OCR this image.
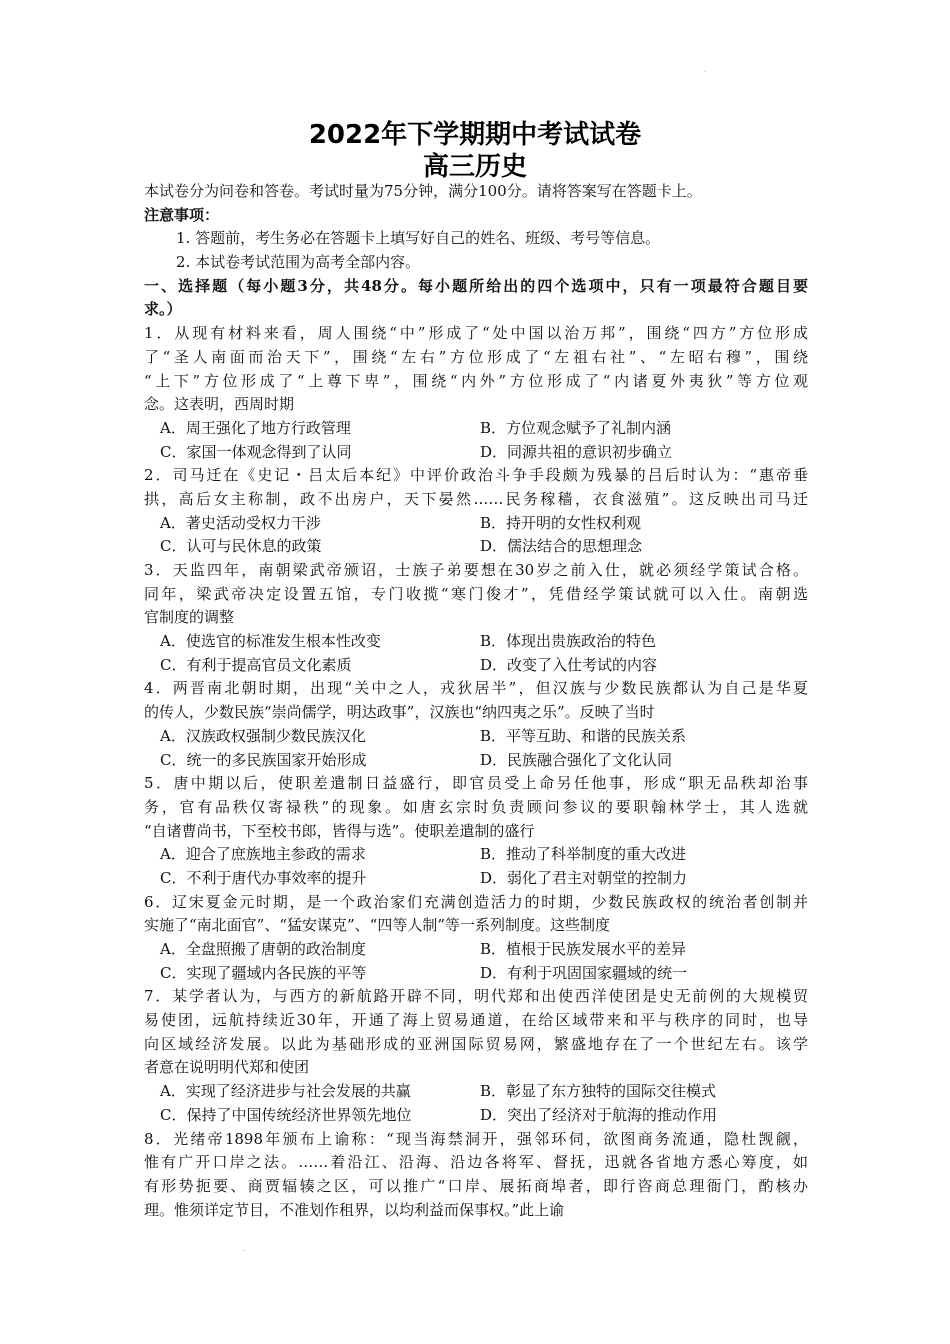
.
2022年下学期期中考试试卷
高三历史
本试卷分为问卷和答卷。考试时量为75分钟，满分100分。请将答案写在答题卡上。
注意事项：
1. 答题前，考生务必在答题卡上填写好自己的姓名、班级、考号等信息。
2. 本试卷考试范围为高考全部内容。
一、选择题（每小题3分，共48分。每小题所给出的四个选项中，只有一项最符合题目要
求。）
1．从现有材料来看，周人围绕“中”形成了“处中国以治万邦”，围绕“四方”方位形成
了“圣人南面而治天下”，围绕“左右”方位形成了“左祖右社”、“左昭右穆”，围绕
“上下”方位形成了“上尊下卑”，围绕“内外”方位形成了“内诸夏外夷狄”等方位观
念。这表明，西周时期
A．周王强化了地方行政管理	B．方位观念赋予了礼制内涵
C．家国一体观念得到了认同	D．同源共祖的意识初步确立
2．司马迁在《史记・吕太后本纪》中评价政治斗争手段颇为残暴的吕后时认为：“惠帝垂
拱，高后女主称制，政不出房户，天下晏然……民务稼穑，衣食滋殖”。这反映出司马迁
A．著史活动受权力干涉	B．持开明的女性权利观
C．认可与民休息的政策	D．儒法结合的思想理念
3．天监四年，南朝梁武帝颁诏，士族子弟要想在30岁之前入仕，就必须经学策试合格。
同年，梁武帝决定设置五馆，专门收揽“寒门俊才”，凭借经学策试就可以入仕。南朝选
官制度的调整
A．使选官的标准发生根本性改变	B．体现出贵族政治的特色
C．有利于提高官员文化素质	D．改变了入仕考试的内容
4．两晋南北朝时期，出现“关中之人，戎狄居半”，但汉族与少数民族都认为自己是华夏
的传人，少数民族“崇尚儒学，明达政事”，汉族也“纳四夷之乐”。反映了当时
A．汉族政权强制少数民族汉化	B．平等互助、和谐的民族关系
C．统一的多民族国家开始形成	D．民族融合强化了文化认同
5．唐中期以后，使职差遣制日益盛行，即官员受上命另任他事，形成“职无品秩却治事
务，官有品秩仅寄禄秩”的现象。如唐玄宗时负责顾问参议的要职翰林学士，其人选就
“自诸曹尚书，下至校书郎，皆得与选”。使职差遣制的盛行
A．迎合了庶族地主参政的需求	B．推动了科举制度的重大改进
C．不利于唐代办事效率的提升	D．弱化了君主对朝堂的控制力
6．辽宋夏金元时期，是一个政治家们充满创造活力的时期，少数民族政权的统治者创制并
实施了“南北面官”、“猛安谋克”、“四等人制”等一系列制度。这些制度
A．全盘照搬了唐朝的政治制度	B．植根于民族发展水平的差异
C．实现了疆域内各民族的平等	D．有利于巩固国家疆域的统一
7．某学者认为，与西方的新航路开辟不同，明代郑和出使西洋使团是史无前例的大规模贸
易使团，远航持续近30年，开通了海上贸易通道，在给区域带来和平与秩序的同时，也导
向区域经济发展。以此为基础形成的亚洲国际贸易网，繁盛地存在了一个世纪左右。该学
者意在说明明代郑和使团
A．实现了经济进步与社会发展的共赢	B．彰显了东方独特的国际交往模式
C．保持了中国传统经济世界领先地位	D．突出了经济对于航海的推动作用
8．光绪帝1898年颁布上谕称：“现当海禁洞开，强邻环伺，欲图商务流通，隐杜觊觎，
惟有广开口岸之法。……着沿江、沿海、沿边各将军、督抚，迅就各省地方悉心筹度，如
有形势扼要、商贾辐辏之区，可以推广“口岸、展拓商埠者，即行咨商总理衙门，酌核办
理。惟须详定节目，不准划作租界，以均利益而保事权。”此上谕
.
